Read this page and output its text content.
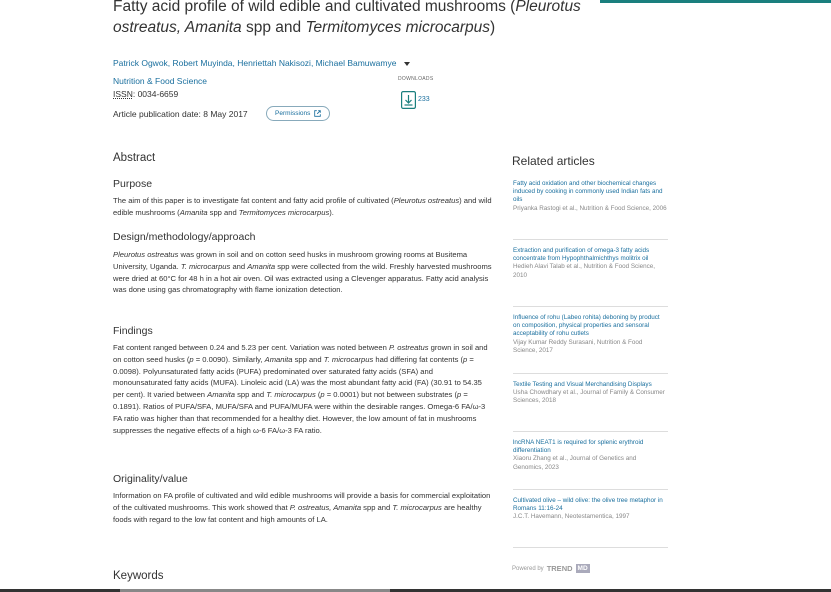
Fatty acid profile of wild edible and cultivated mushrooms (Pleurotus ostreatus, Amanita spp and Termitomyces microcarpus)
Patrick Ogwok, Robert Muyinda, Henriettah Nakisozi, Michael Bamuwamye
Nutrition & Food Science
ISSN: 0034-6659
Article publication date: 8 May 2017	Permissions
DOWNLOADS
233
Abstract
Purpose

The aim of this paper is to investigate fat content and fatty acid profile of cultivated (Pleurotus ostreatus) and wild edible mushrooms (Amanita spp and Termitomyces microcarpus).

Design/methodology/approach

Pleurotus ostreatus was grown in soil and on cotton seed husks in mushroom growing rooms at Busitema University, Uganda. T. microcarpus and Amanita spp were collected from the wild. Freshly harvested mushrooms were dried at 60°C for 48 h in a hot air oven. Oil was extracted using a Clevenger apparatus. Fatty acid analysis was done using gas chromatography with flame ionization detection.

Findings

Fat content ranged between 0.24 and 5.23 per cent. Variation was noted between P. ostreatus grown in soil and on cotton seed husks (p = 0.0090). Similarly, Amanita spp and T. microcarpus had differing fat contents (p = 0.0098). Polyunsaturated fatty acids (PUFA) predominated over saturated fatty acids (SFA) and monounsaturated fatty acids (MUFA). Linoleic acid (LA) was the most abundant fatty acid (FA) (30.91 to 54.35 per cent). It varied between Amanita spp and T. microcarpus (p = 0.0001) but not between substrates (p = 0.1891). Ratios of PUFA/SFA, MUFA/SFA and PUFA/MUFA were within the desirable ranges. Omega-6 FA/ω-3 FA ratio was higher than that recommended for a healthy diet. However, the low amount of fat in mushrooms suppresses the negative effects of a high ω-6 FA/ω-3 FA ratio.

Originality/value

Information on FA profile of cultivated and wild edible mushrooms will provide a basis for commercial exploitation of the cultivated mushrooms. This work showed that P. ostreatus, Amanita spp and T. microcarpus are healthy foods with regard to the low fat content and high amounts of LA.

Keywords
Related articles
Fatty acid oxidation and other biochemical changes induced by cooking in commonly used Indian fats and oils
Priyanka Rastogi et al., Nutrition & Food Science, 2006
Extraction and purification of omega-3 fatty acids concentrate from Hypophthalmichthys molitrix oil
Hedieh Alavi Talab et al., Nutrition & Food Science, 2010
Influence of rohu (Labeo rohita) deboning by product on composition, physical properties and sensoral acceptability of rohu cutlets
Vijay Kumar Reddy Surasani, Nutrition & Food Science, 2017
Textile Testing and Visual Merchandising Displays
Usha Chowdhary et al., Journal of Family & Consumer Sciences, 2018
lncRNA NEAT1 is required for splenic erythroid differentiation
Xiaoru Zhang et al., Journal of Genetics and Genomics, 2023
Cultivated olive – wild olive: the olive tree metaphor in Romans 11:16-24
J.C.T. Havemann, Neotestamentica, 1997
Powered by TREND MD
